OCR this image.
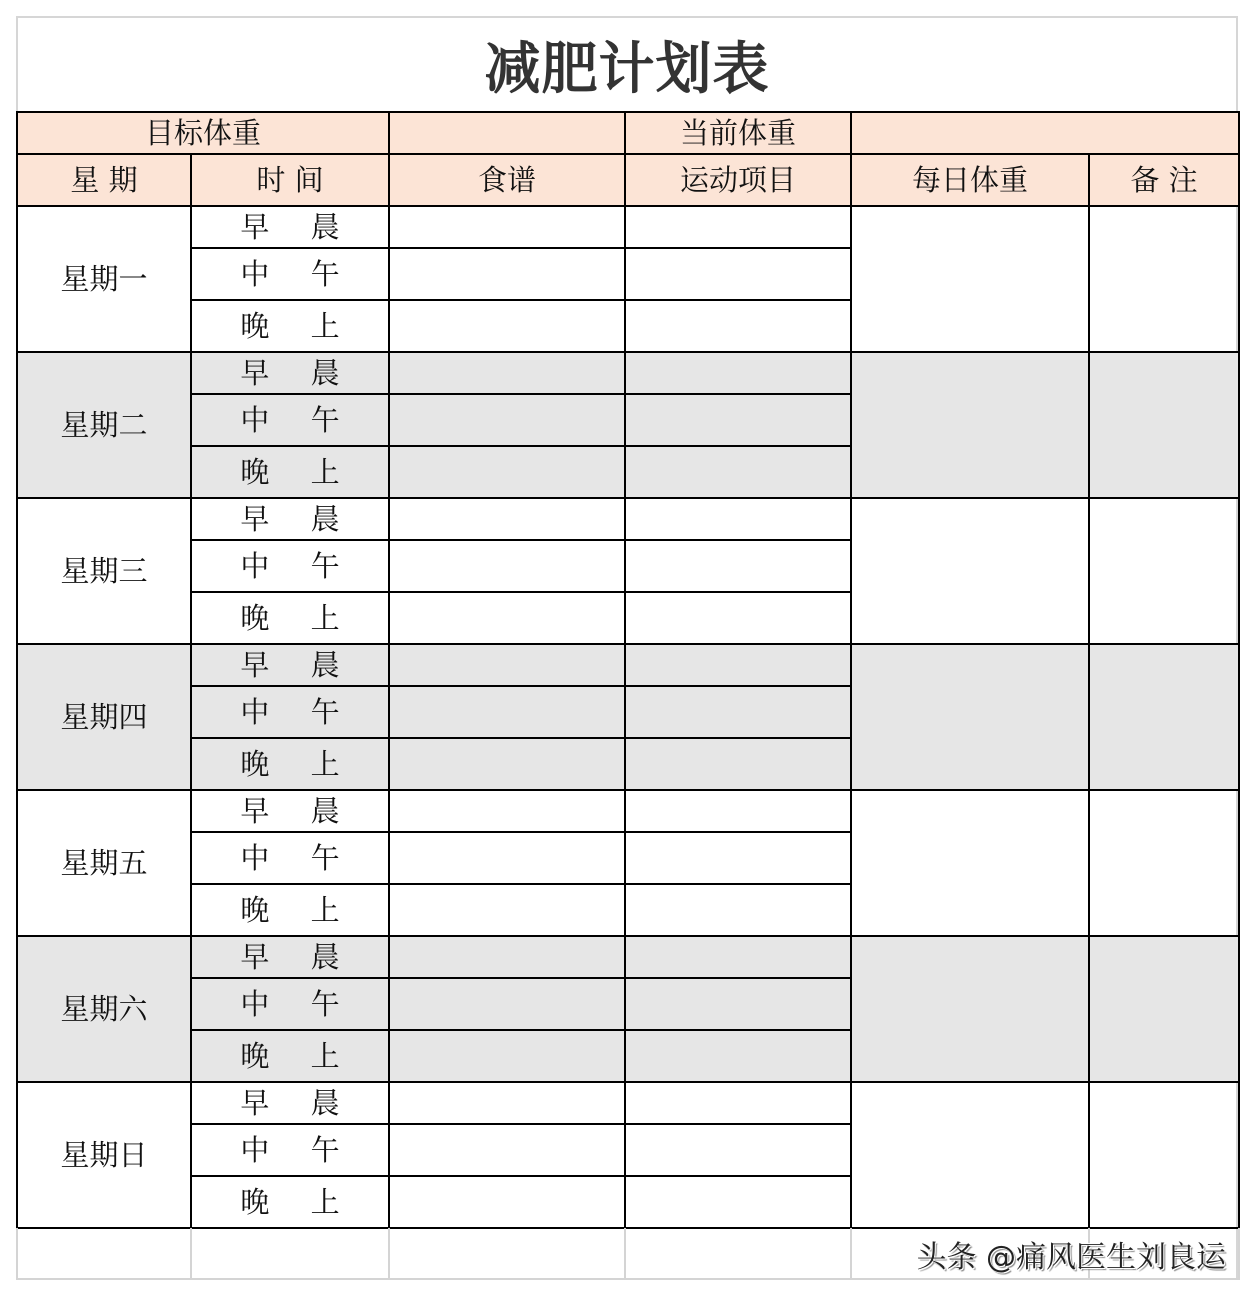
减肥计划表
目标体重			当前体重		
星 期	时 间	食谱	运动项目	每日体重	备 注
星期一	早 晨				
	中 午				
	晚 上				
星期二	早 晨				
	中 午				
	晚 上				
星期三	早 晨				
	中 午				
	晚 上				
星期四	早 晨				
	中 午				
	晚 上				
星期五	早 晨				
	中 午				
	晚 上				
星期六	早 晨				
	中 午				
	晚 上				
星期日	早 晨				
	中 午				
	晚 上				

头条 @痛风医生刘良运
